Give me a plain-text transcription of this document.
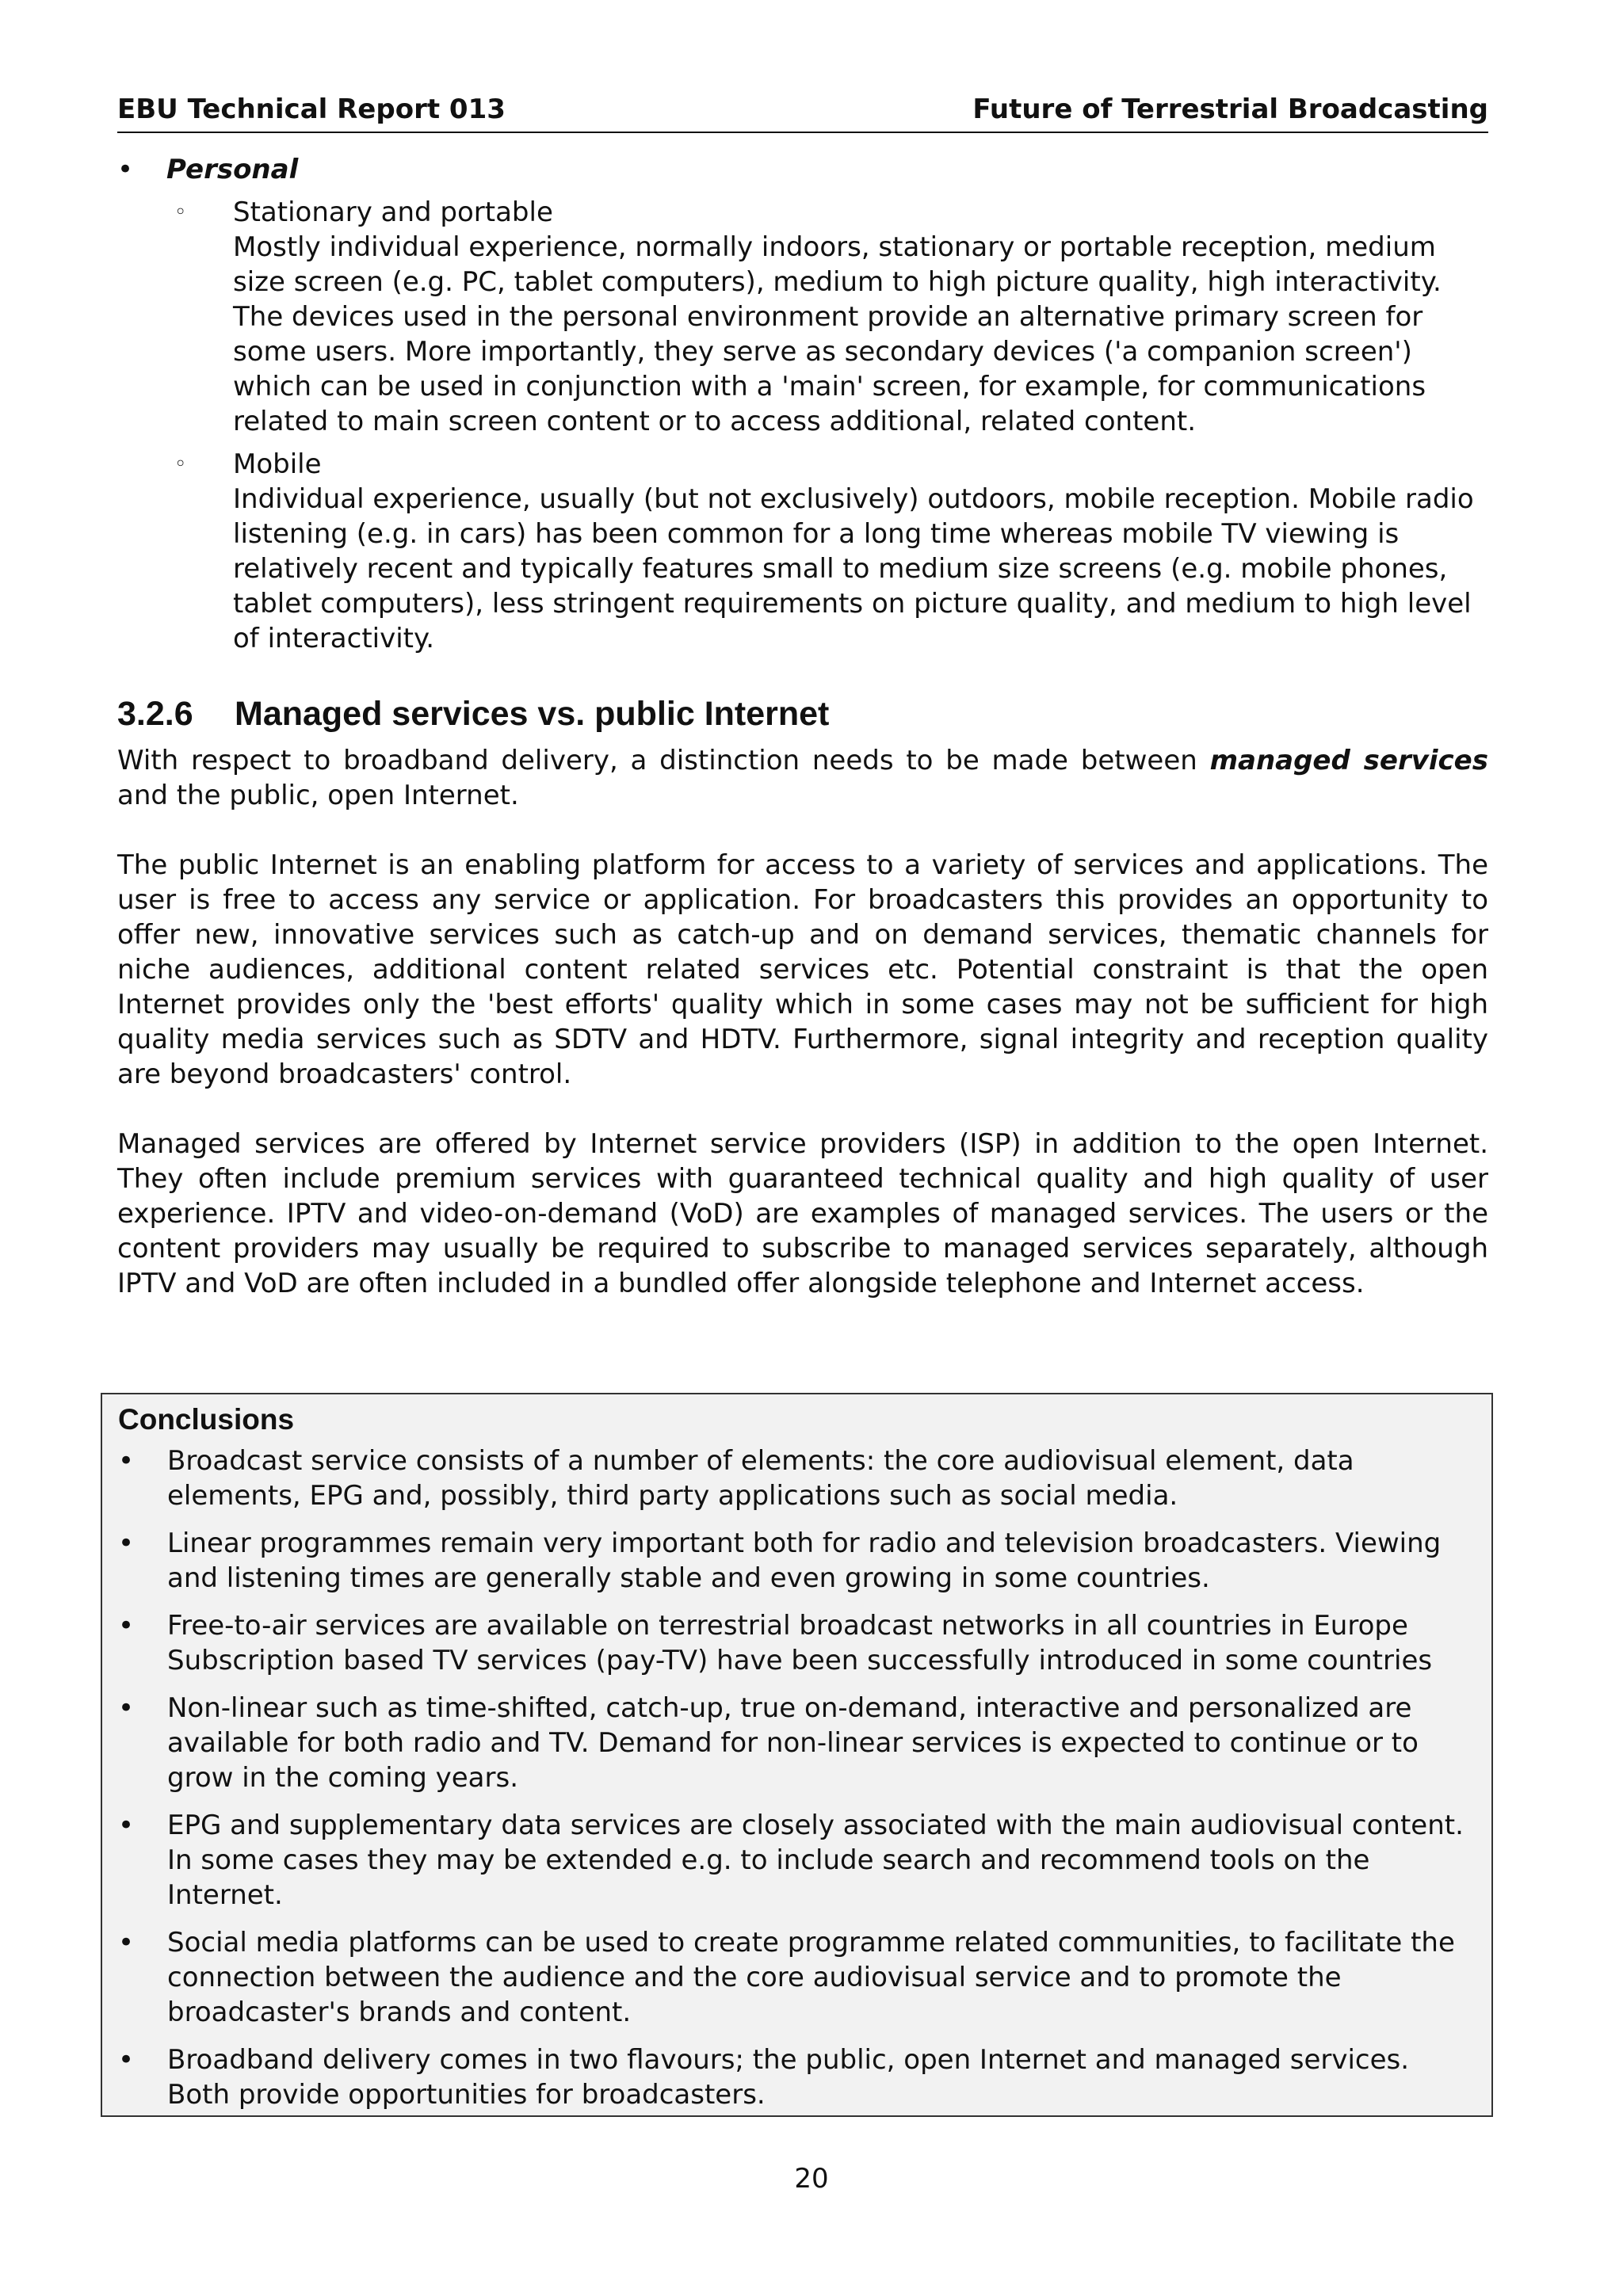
EBU Technical Report 013	Future of Terrestrial Broadcasting
•	Personal
◦	Stationary and portable

Mostly individual experience, normally indoors, stationary or portable reception, medium size screen (e.g. PC, tablet computers), medium to high picture quality, high interactivity. The devices used in the personal environment provide an alternative primary screen for some users. More importantly, they serve as secondary devices ('a companion screen') which can be used in conjunction with a 'main' screen, for example, for communications related to main screen content or to access additional, related content.

◦	Mobile

Individual experience, usually (but not exclusively) outdoors, mobile reception. Mobile radio listening (e.g. in cars) has been common for a long time whereas mobile TV viewing is relatively recent and typically features small to medium size screens (e.g. mobile phones, tablet computers), less stringent requirements on picture quality, and medium to high level of interactivity.

3.2.6	Managed services vs. public Internet

With respect to broadband delivery, a distinction needs to be made between managed services and the public, open Internet.

The public Internet is an enabling platform for access to a variety of services and applications. The user is free to access any service or application. For broadcasters this provides an opportunity to offer new, innovative services such as catch-up and on demand services, thematic channels for niche audiences, additional content related services etc. Potential constraint is that the open Internet provides only the 'best efforts' quality which in some cases may not be sufficient for high quality media services such as SDTV and HDTV. Furthermore, signal integrity and reception quality are beyond broadcasters' control.

Managed services are offered by Internet service providers (ISP) in addition to the open Internet. They often include premium services with guaranteed technical quality and high quality of user experience. IPTV and video-on-demand (VoD) are examples of managed services. The users or the content providers may usually be required to subscribe to managed services separately, although IPTV and VoD are often included in a bundled offer alongside telephone and Internet access.

Conclusions
•	Broadcast service consists of a number of elements: the core audiovisual element, data elements, EPG and, possibly, third party applications such as social media.
•	Linear programmes remain very important both for radio and television broadcasters. Viewing and listening times are generally stable and even growing in some countries.
•	Free-to-air services are available on terrestrial broadcast networks in all countries in Europe Subscription based TV services (pay-TV) have been successfully introduced in some countries
•	Non-linear such as time-shifted, catch-up, true on-demand, interactive and personalized are available for both radio and TV. Demand for non-linear services is expected to continue or to grow in the coming years.
•	EPG and supplementary data services are closely associated with the main audiovisual content. In some cases they may be extended e.g. to include search and recommend tools on the Internet.
•	Social media platforms can be used to create programme related communities, to facilitate the connection between the audience and the core audiovisual service and to promote the broadcaster's brands and content.
•	Broadband delivery comes in two flavours; the public, open Internet and managed services. Both provide opportunities for broadcasters.
20
